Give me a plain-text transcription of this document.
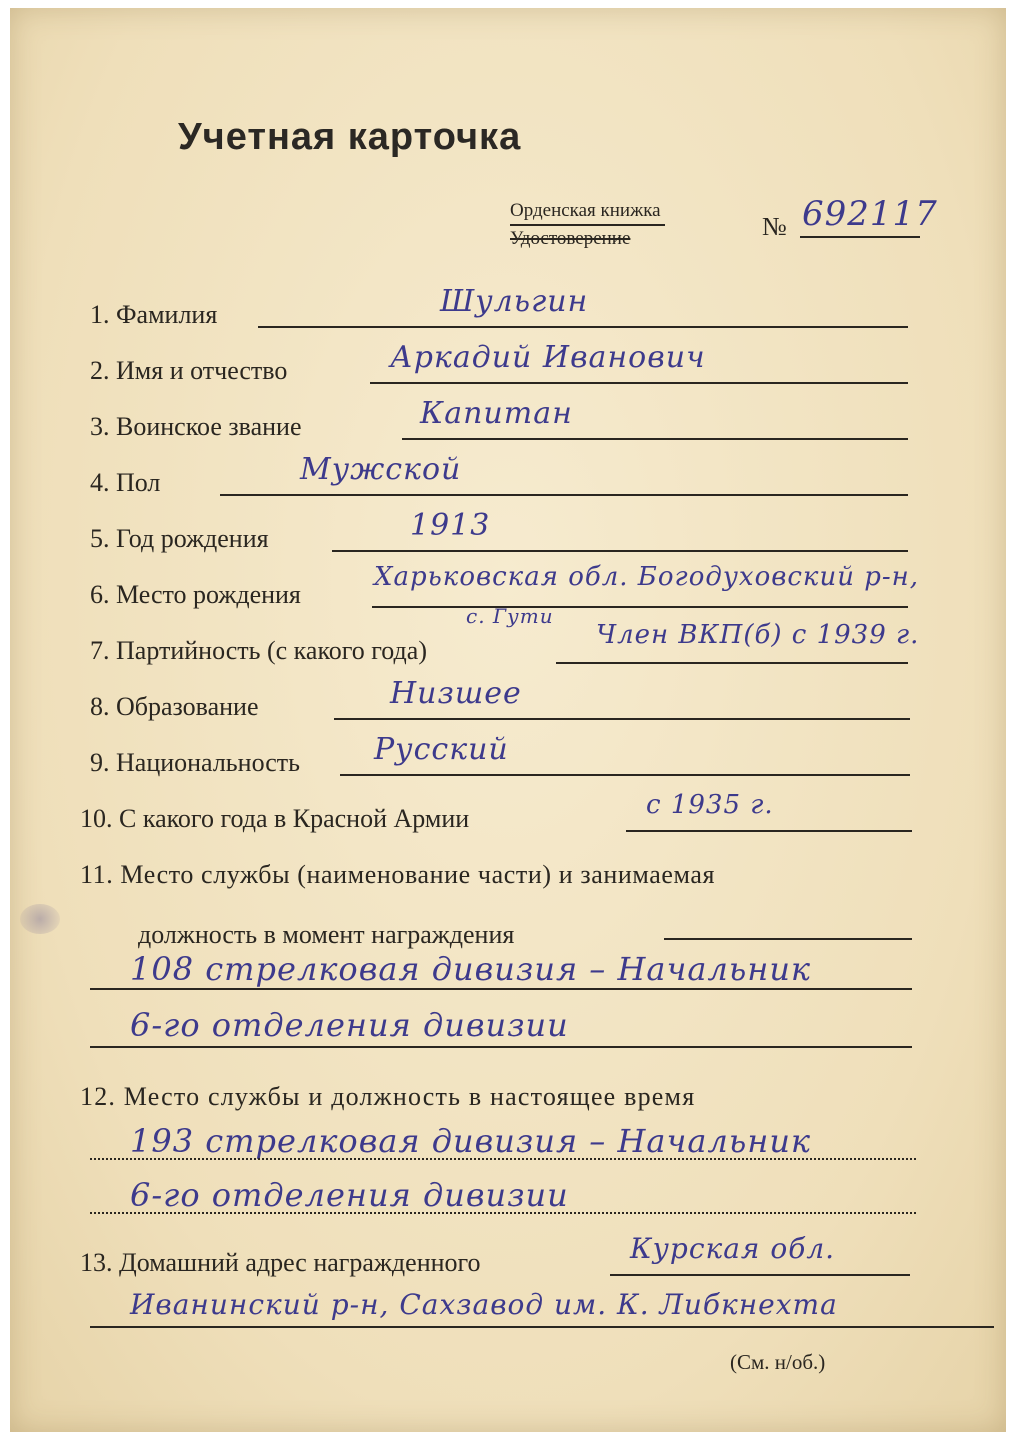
Учетная карточка
Орденская книжка
Удостоверение	№ 692117
1. Фамилия	Шульгин
2. Имя и отчество	Аркадий Иванович
3. Воинское звание	Капитан
4. Пол	Мужской
5. Год рождения	1913
6. Место рождения
Харьковская обл. Богодуховский р-н,
с. Гути
7. Партийность (с какого года)
Член ВКП(б) с 1939 г.
8. Образование	Низшее
9. Национальность Русский
10. С какого года в Красной Армии	с 1935 г.
11. Место службы (наименование части) и занимаемая
должность в момент награждения
108 стрелковая дивизия – Начальник
6-го отделения дивизии
12. Место службы и должность в настоящее время
193 стрелковая дивизия – Начальник
6-го отделения дивизии
13. Домашний адрес награжденного	Курская обл.
Иванинский р-н, Сахзавод им. К. Либкнехта
(См. н/об.)
